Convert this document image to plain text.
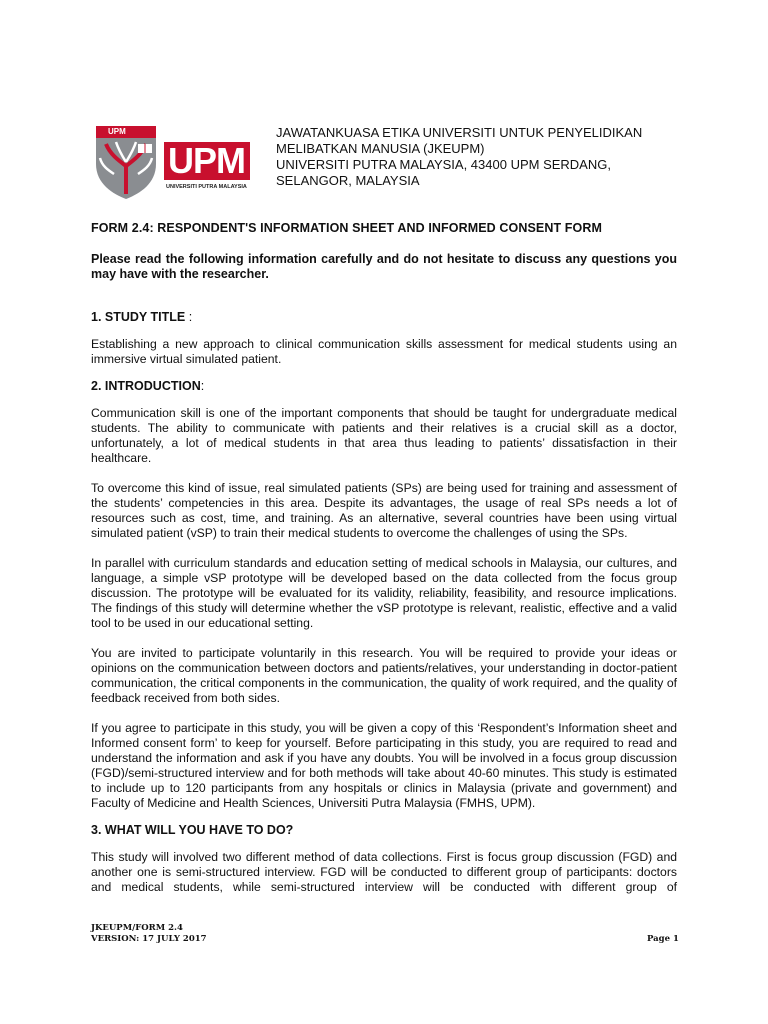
UPM
UPM
UNIVERSITI PUTRA MALAYSIA
JAWATANKUASA ETIKA UNIVERSITI UNTUK PENYELIDIKAN
MELIBATKAN MANUSIA (JKEUPM)
UNIVERSITI PUTRA MALAYSIA, 43400 UPM SERDANG,
SELANGOR, MALAYSIA
FORM 2.4: RESPONDENT'S INFORMATION SHEET AND INFORMED CONSENT FORM
Please read the following information carefully and do not hesitate to discuss any questions you may have with the researcher.
1. STUDY TITLE :

Establishing a new approach to clinical communication skills assessment for medical students using an immersive virtual simulated patient.

2. INTRODUCTION:

Communication skill is one of the important components that should be taught for undergraduate medical students. The ability to communicate with patients and their relatives is a crucial skill as a doctor, unfortunately, a lot of medical students in that area thus leading to patients’ dissatisfaction in their healthcare.

To overcome this kind of issue, real simulated patients (SPs) are being used for training and assessment of the students’ competencies in this area. Despite its advantages, the usage of real SPs needs a lot of resources such as cost, time, and training. As an alternative, several countries have been using virtual simulated patient (vSP) to train their medical students to overcome the challenges of using the SPs.

In parallel with curriculum standards and education setting of medical schools in Malaysia, our cultures, and language, a simple vSP prototype will be developed based on the data collected from the focus group discussion. The prototype will be evaluated for its validity, reliability, feasibility, and resource implications. The findings of this study will determine whether the vSP prototype is relevant, realistic, effective and a valid tool to be used in our educational setting.

You are invited to participate voluntarily in this research. You will be required to provide your ideas or opinions on the communication between doctors and patients/relatives, your understanding in doctor-patient communication, the critical components in the communication, the quality of work required, and the quality of feedback received from both sides.

If you agree to participate in this study, you will be given a copy of this ‘Respondent’s Information sheet and Informed consent form’ to keep for yourself. Before participating in this study, you are required to read and understand the information and ask if you have any doubts. You will be involved in a focus group discussion (FGD)/semi-structured interview and for both methods will take about 40-60 minutes. This study is estimated to include up to 120 participants from any hospitals or clinics in Malaysia (private and government) and Faculty of Medicine and Health Sciences, Universiti Putra Malaysia (FMHS, UPM).

3. WHAT WILL YOU HAVE TO DO?

This study will involved two different method of data collections. First is focus group discussion (FGD) and another one is semi-structured interview. FGD will be conducted to different group of participants: doctors and medical students, while semi-structured interview will be conducted with different group of

JKEUPM/FORM 2.4
VERSION: 17 JULY 2017	Page 1
